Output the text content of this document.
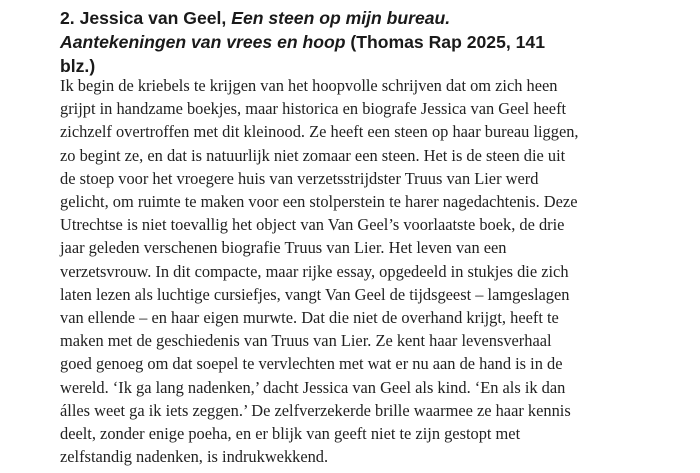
2. Jessica van Geel, Een steen op mijn bureau. Aantekeningen van vrees en hoop (Thomas Rap 2025, 141 blz.)

Ik begin de kriebels te krijgen van het hoopvolle schrijven dat om zich heen
grijpt in handzame boekjes, maar historica en biografe Jessica van Geel heeft
zichzelf overtroffen met dit kleinood. Ze heeft een steen op haar bureau liggen,
zo begint ze, en dat is natuurlijk niet zomaar een steen. Het is de steen die uit
de stoep voor het vroegere huis van verzetsstrijdster Truus van Lier werd
gelicht, om ruimte te maken voor een stolperstein te harer nagedachtenis. Deze
Utrechtse is niet toevallig het object van Van Geel’s voorlaatste boek, de drie
jaar geleden verschenen biografie Truus van Lier. Het leven van een
verzetsvrouw. In dit compacte, maar rijke essay, opgedeeld in stukjes die zich
laten lezen als luchtige cursiefjes, vangt Van Geel de tijdsgeest – lamgeslagen
van ellende – en haar eigen murwte. Dat die niet de overhand krijgt, heeft te
maken met de geschiedenis van Truus van Lier. Ze kent haar levensverhaal
goed genoeg om dat soepel te vervlechten met wat er nu aan de hand is in de
wereld. ‘Ik ga lang nadenken,’ dacht Jessica van Geel als kind. ‘En als ik dan
álles weet ga ik iets zeggen.’ De zelfverzekerde brille waarmee ze haar kennis
deelt, zonder enige poeha, en er blijk van geeft niet te zijn gestopt met
zelfstandig nadenken, is indrukwekkend.
